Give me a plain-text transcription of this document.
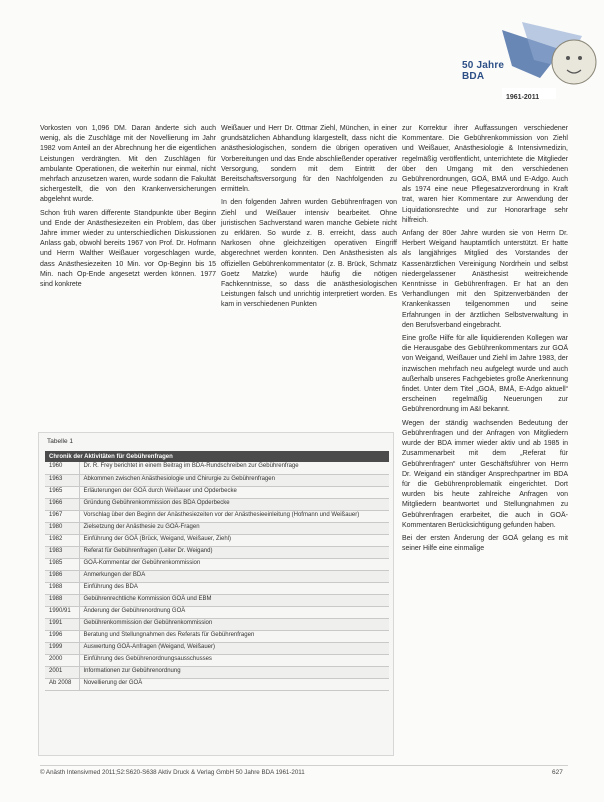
50 Jahre BDA
1961-2011

Vorkosten von 1,096 DM. Daran änderte sich auch wenig, als die Zuschläge mit der Novellierung im Jahr 1982 vom Anteil an der Abrechnung her die eigentlichen Leistungen verdrängten. Mit den Zuschlägen für ambulante Operationen, die weiterhin nur einmal, nicht mehrfach anzusetzen waren, wurde sodann die Fakultät sichergestellt, die von den Krankenversicherungen abgelehnt wurde.

Schon früh waren differente Standpunkte über Beginn und Ende der Anästhesiezeiten ein Problem, das über Jahre immer wieder zu unterschiedlichen Diskussionen Anlass gab, obwohl bereits 1967 von Prof. Dr. Hofmann und Herrn Walther Weißauer vorgeschlagen wurde, dass Anästhesiezeiten 10 Min. vor Op-Beginn bis 15 Min. nach Op-Ende angesetzt werden können. 1977 sind konkrete

Weißauer und Herr Dr. Ottmar Ziehl, München, in einer grundsätzlichen Abhandlung klargestellt, dass nicht die anästhesiologischen, sondern die übrigen operativen Vorbereitungen und das Ende abschließender operativer Versorgung, sondern mit dem Eintritt der Bereitschaftsversorgung für den Nachfolgenden zu ermitteln.

In den folgenden Jahren wurden Gebührenfragen von Ziehl und Weißauer intensiv bearbeitet. Ohne juristischen Sachverstand waren manche Gebiete nicht zu erklären. So wurde z. B. erreicht, dass auch Narkosen ohne gleichzeitigen operativen Eingriff abgerechnet werden konnten. Den Anästhesisten als offiziellen Gebührenkommentator (z. B. Brück, Schmatz Goetz Matzke) wurde häufig die nötigen Fachkenntnisse, so dass die anästhesiologischen Leistungen falsch und unrichtig interpretiert worden. Es kam in verschiedenen Punkten

zur Korrektur ihrer Auffassungen verschiedener Kommentare. Die Gebührenkommission von Ziehl und Weißauer, Anästhesiologie & Intensivmedizin, regelmäßig veröffentlicht, unterrichtete die Mitglieder über den Umgang mit den verschiedenen Gebührenordnungen, GOÄ, BMÄ und E-Adgo. Auch als 1974 eine neue Pflegesatzverordnung in Kraft trat, waren hier Kommentare zur Anwendung der Liquidationsrechte und zur Honorarfrage sehr hilfreich.

Anfang der 80er Jahre wurden sie von Herrn Dr. Herbert Weigand hauptamtlich unterstützt. Er hatte als langjähriges Mitglied des Vorstandes der Kassenärztlichen Vereinigung Nordrhein und selbst niedergelassener Anästhesist weitreichende Kenntnisse in Gebührenfragen. Er hat an den Verhandlungen mit den Spitzenverbänden der Krankenkassen teilgenommen und seine Erfahrungen in der ärztlichen Selbstverwaltung in den Berufsverband eingebracht.

Eine große Hilfe für alle liquidierenden Kollegen war die Herausgabe des Gebührenkommentars zur GOÄ von Weigand, Weißauer und Ziehl im Jahre 1983, der inzwischen mehrfach neu aufgelegt wurde und auch außerhalb unseres Fachgebietes große Anerkennung findet. Unter dem Titel „GOÄ, BMÄ, E-Adgo aktuell“ erscheinen regelmäßig Neuerungen zur Gebührenordnung im A&I bekannt.

Wegen der ständig wachsenden Bedeutung der Gebührenfragen und der Anfragen von Mitgliedern wurde der BDA immer wieder aktiv und ab 1985 in Zusammenarbeit mit dem „Referat für Gebührenfragen“ unter Geschäftsführer von Herrn Dr. Weigand ein ständiger Ansprechpartner im BDA für die Gebührenproblematik eingerichtet. Dort wurden bis heute zahlreiche Anfragen von Mitgliedern beantwortet und Stellungnahmen zu Gebührenfragen erarbeitet, die auch in GOÄ-Kommentaren Berücksichtigung gefunden haben.

Bei der ersten Änderung der GOÄ gelang es mit seiner Hilfe eine einmalige

Tabelle 1
Chronik der Aktivitäten für Gebührenfragen	
1960	Dr. R. Frey berichtet in einem Beitrag im BDA-Rundschreiben zur Gebührenfrage
1963	Abkommen zwischen Anästhesiologie und Chirurgie zu Gebührenfragen
1965	Erläuterungen der GOÄ durch Weißauer und Opderbecke
1966	Gründung Gebührenkommission des BDA Opderbecke
1967	Vorschlag über den Beginn der Anästhesiezeiten vor der Anästhesieeinleitung (Hofmann und Weißauer)
1980	Zielsetzung der Anästhesie zu GOÄ-Fragen
1982	Einführung der GOÄ (Brück, Weigand, Weißauer, Ziehl)
1983	Referat für Gebührenfragen (Leiter Dr. Weigand)
1985	GOÄ-Kommentar der Gebührenkommission
1986	Anmerkungen der BDA
1988	Einführung des BDA
1988	Gebührenrechtliche Kommission GOÄ und EBM
1990/91	Änderung der Gebührenordnung GOÄ
1991	Gebührenkommission der Gebührenkommission
1996	Beratung und Stellungnahmen des Referats für Gebührenfragen
1999	Auswertung GOÄ-Anfragen (Weigand, Weißauer)
2000	Einführung des Gebührenordnungsausschusses
2001	Informationen zur Gebührenordnung
Ab 2008	Novellierung der GOÄ
© Anästh Intensivmed 2011;52:S620-S638 Aktiv Druck & Verlag GmbH 50 Jahre BDA 1961-2011	627
